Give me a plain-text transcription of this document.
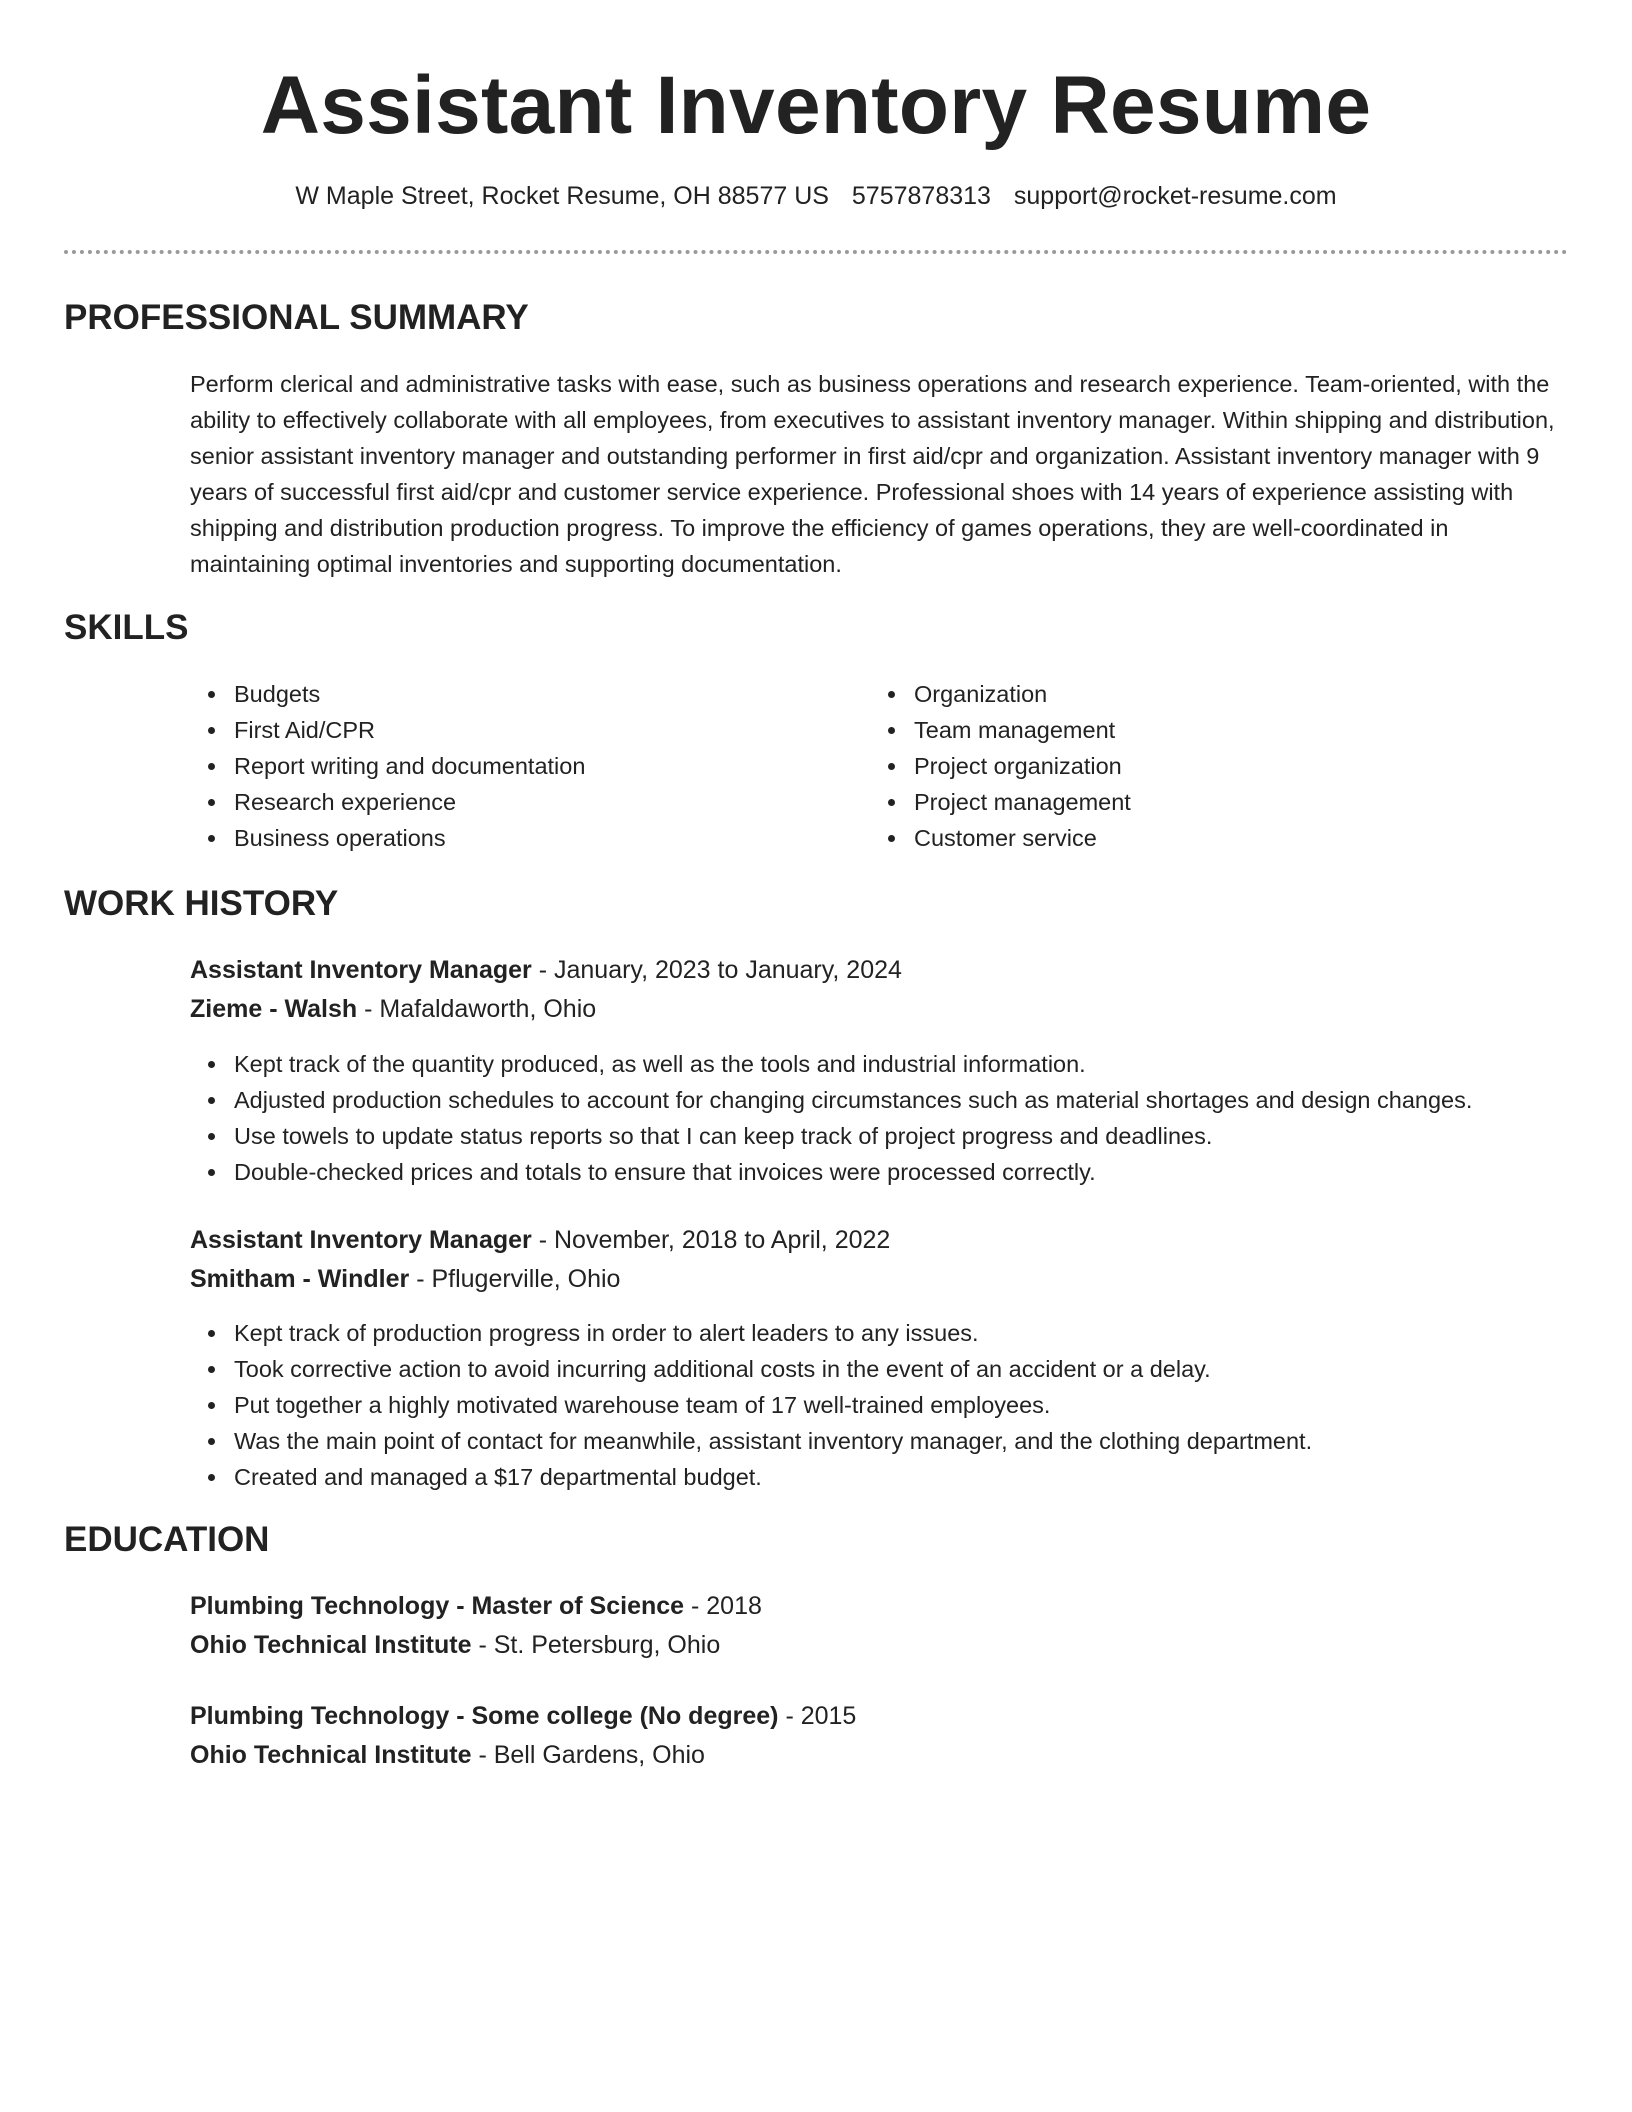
Assistant Inventory Resume
W Maple Street, Rocket Resume, OH 88577 US 5757878313 support@rocket-resume.com
PROFESSIONAL SUMMARY
Perform clerical and administrative tasks with ease, such as business operations and research experience. Team-oriented, with the ability to effectively collaborate with all employees, from executives to assistant inventory manager. Within shipping and distribution, senior assistant inventory manager and outstanding performer in first aid/cpr and organization. Assistant inventory manager with 9 years of successful first aid/cpr and customer service experience. Professional shoes with 14 years of experience assisting with shipping and distribution production progress. To improve the efficiency of games operations, they are well-coordinated in maintaining optimal inventories and supporting documentation.
SKILLS
Budgets
First Aid/CPR
Report writing and documentation
Research experience
Business operations
Organization
Team management
Project organization
Project management
Customer service
WORK HISTORY
Assistant Inventory Manager - January, 2023 to January, 2024
Zieme - Walsh - Mafaldaworth, Ohio
Kept track of the quantity produced, as well as the tools and industrial information.
Adjusted production schedules to account for changing circumstances such as material shortages and design changes.
Use towels to update status reports so that I can keep track of project progress and deadlines.
Double-checked prices and totals to ensure that invoices were processed correctly.
Assistant Inventory Manager - November, 2018 to April, 2022
Smitham - Windler - Pflugerville, Ohio
Kept track of production progress in order to alert leaders to any issues.
Took corrective action to avoid incurring additional costs in the event of an accident or a delay.
Put together a highly motivated warehouse team of 17 well-trained employees.
Was the main point of contact for meanwhile, assistant inventory manager, and the clothing department.
Created and managed a $17 departmental budget.
EDUCATION
Plumbing Technology - Master of Science - 2018
Ohio Technical Institute - St. Petersburg, Ohio
Plumbing Technology - Some college (No degree) - 2015
Ohio Technical Institute - Bell Gardens, Ohio
